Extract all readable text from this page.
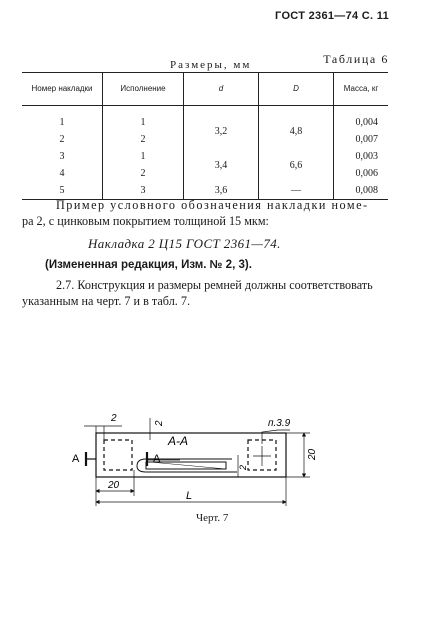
ГОСТ 2361—74 С. 11
Размеры, мм	Таблица 6
Номер накладки	Исполнение	d	D	Масса, кг
1	1	3,2	4,8	0,004
2	2			0,007
3	1	3,4	6,6	0,003
4	2			0,006
5	3	3,6	—	0,008
Пример условного обозначения накладки номе-
ра 2, с цинковым покрытием толщиной 15 мкм:
Накладка 2 Ц15 ГОСТ 2361—74.
(Измененная редакция, Изм. № 2, 3).
2.7. Конструкция и размеры ремней должны соответствовать
указанным на черт. 7 и в табл. 7.
2	2
20
L
20
п.3.9
А	А
А-А
2
Черт. 7
